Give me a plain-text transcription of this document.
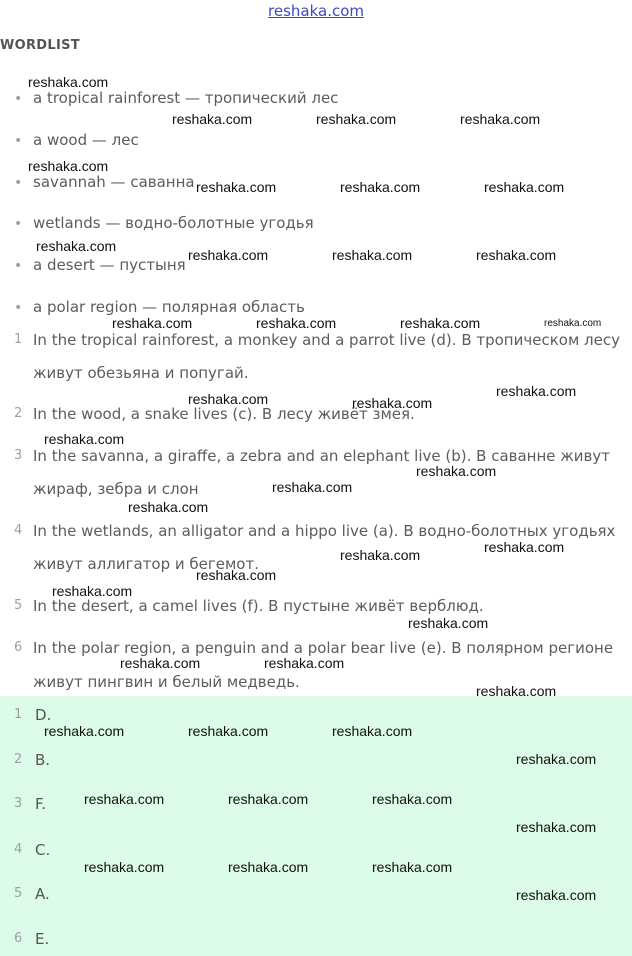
reshaka.com
WORDLIST
• a tropical rainforest — тропический лес
• a wood — лес
• savannah — саванна
• wetlands — водно-болотные угодья
• a desert — пустыня
• a polar region — полярная область
1 In the tropical rainforest, a monkey and a parrot live (d). В тропическом лесу
живут обезьяна и попугай.
2 In the wood, a snake lives (c). В лесу живёт змея.
3 In the savanna, a giraffe, a zebra and an elephant live (b). В саванне живут
жираф, зебра и слон
4 In the wetlands, an alligator and a hippo live (a). В водно-болотных угодьях
живут аллигатор и бегемот.
5 In the desert, a camel lives (f). В пустыне живёт верблюд.
6 In the polar region, a penguin and a polar bear live (e). В полярном регионе
живут пингвин и белый медведь.
1 D.
2 B.
3 F.
4 C.
5 A.
6 E.
reshaka.com
reshaka.com	reshaka.com	reshaka.com
reshaka.com
reshaka.com	reshaka.com	reshaka.com
reshaka.com
reshaka.com	reshaka.com	reshaka.com
reshaka.com	reshaka.com	reshaka.com	reshaka.com
reshaka.com
reshaka.com	reshaka.com
reshaka.com
reshaka.com
reshaka.com
reshaka.com
reshaka.com
reshaka.com
reshaka.com
reshaka.com
reshaka.com
reshaka.com	reshaka.com
reshaka.com
reshaka.com	reshaka.com	reshaka.com
reshaka.com
reshaka.com	reshaka.com	reshaka.com
reshaka.com
reshaka.com	reshaka.com	reshaka.com
reshaka.com
